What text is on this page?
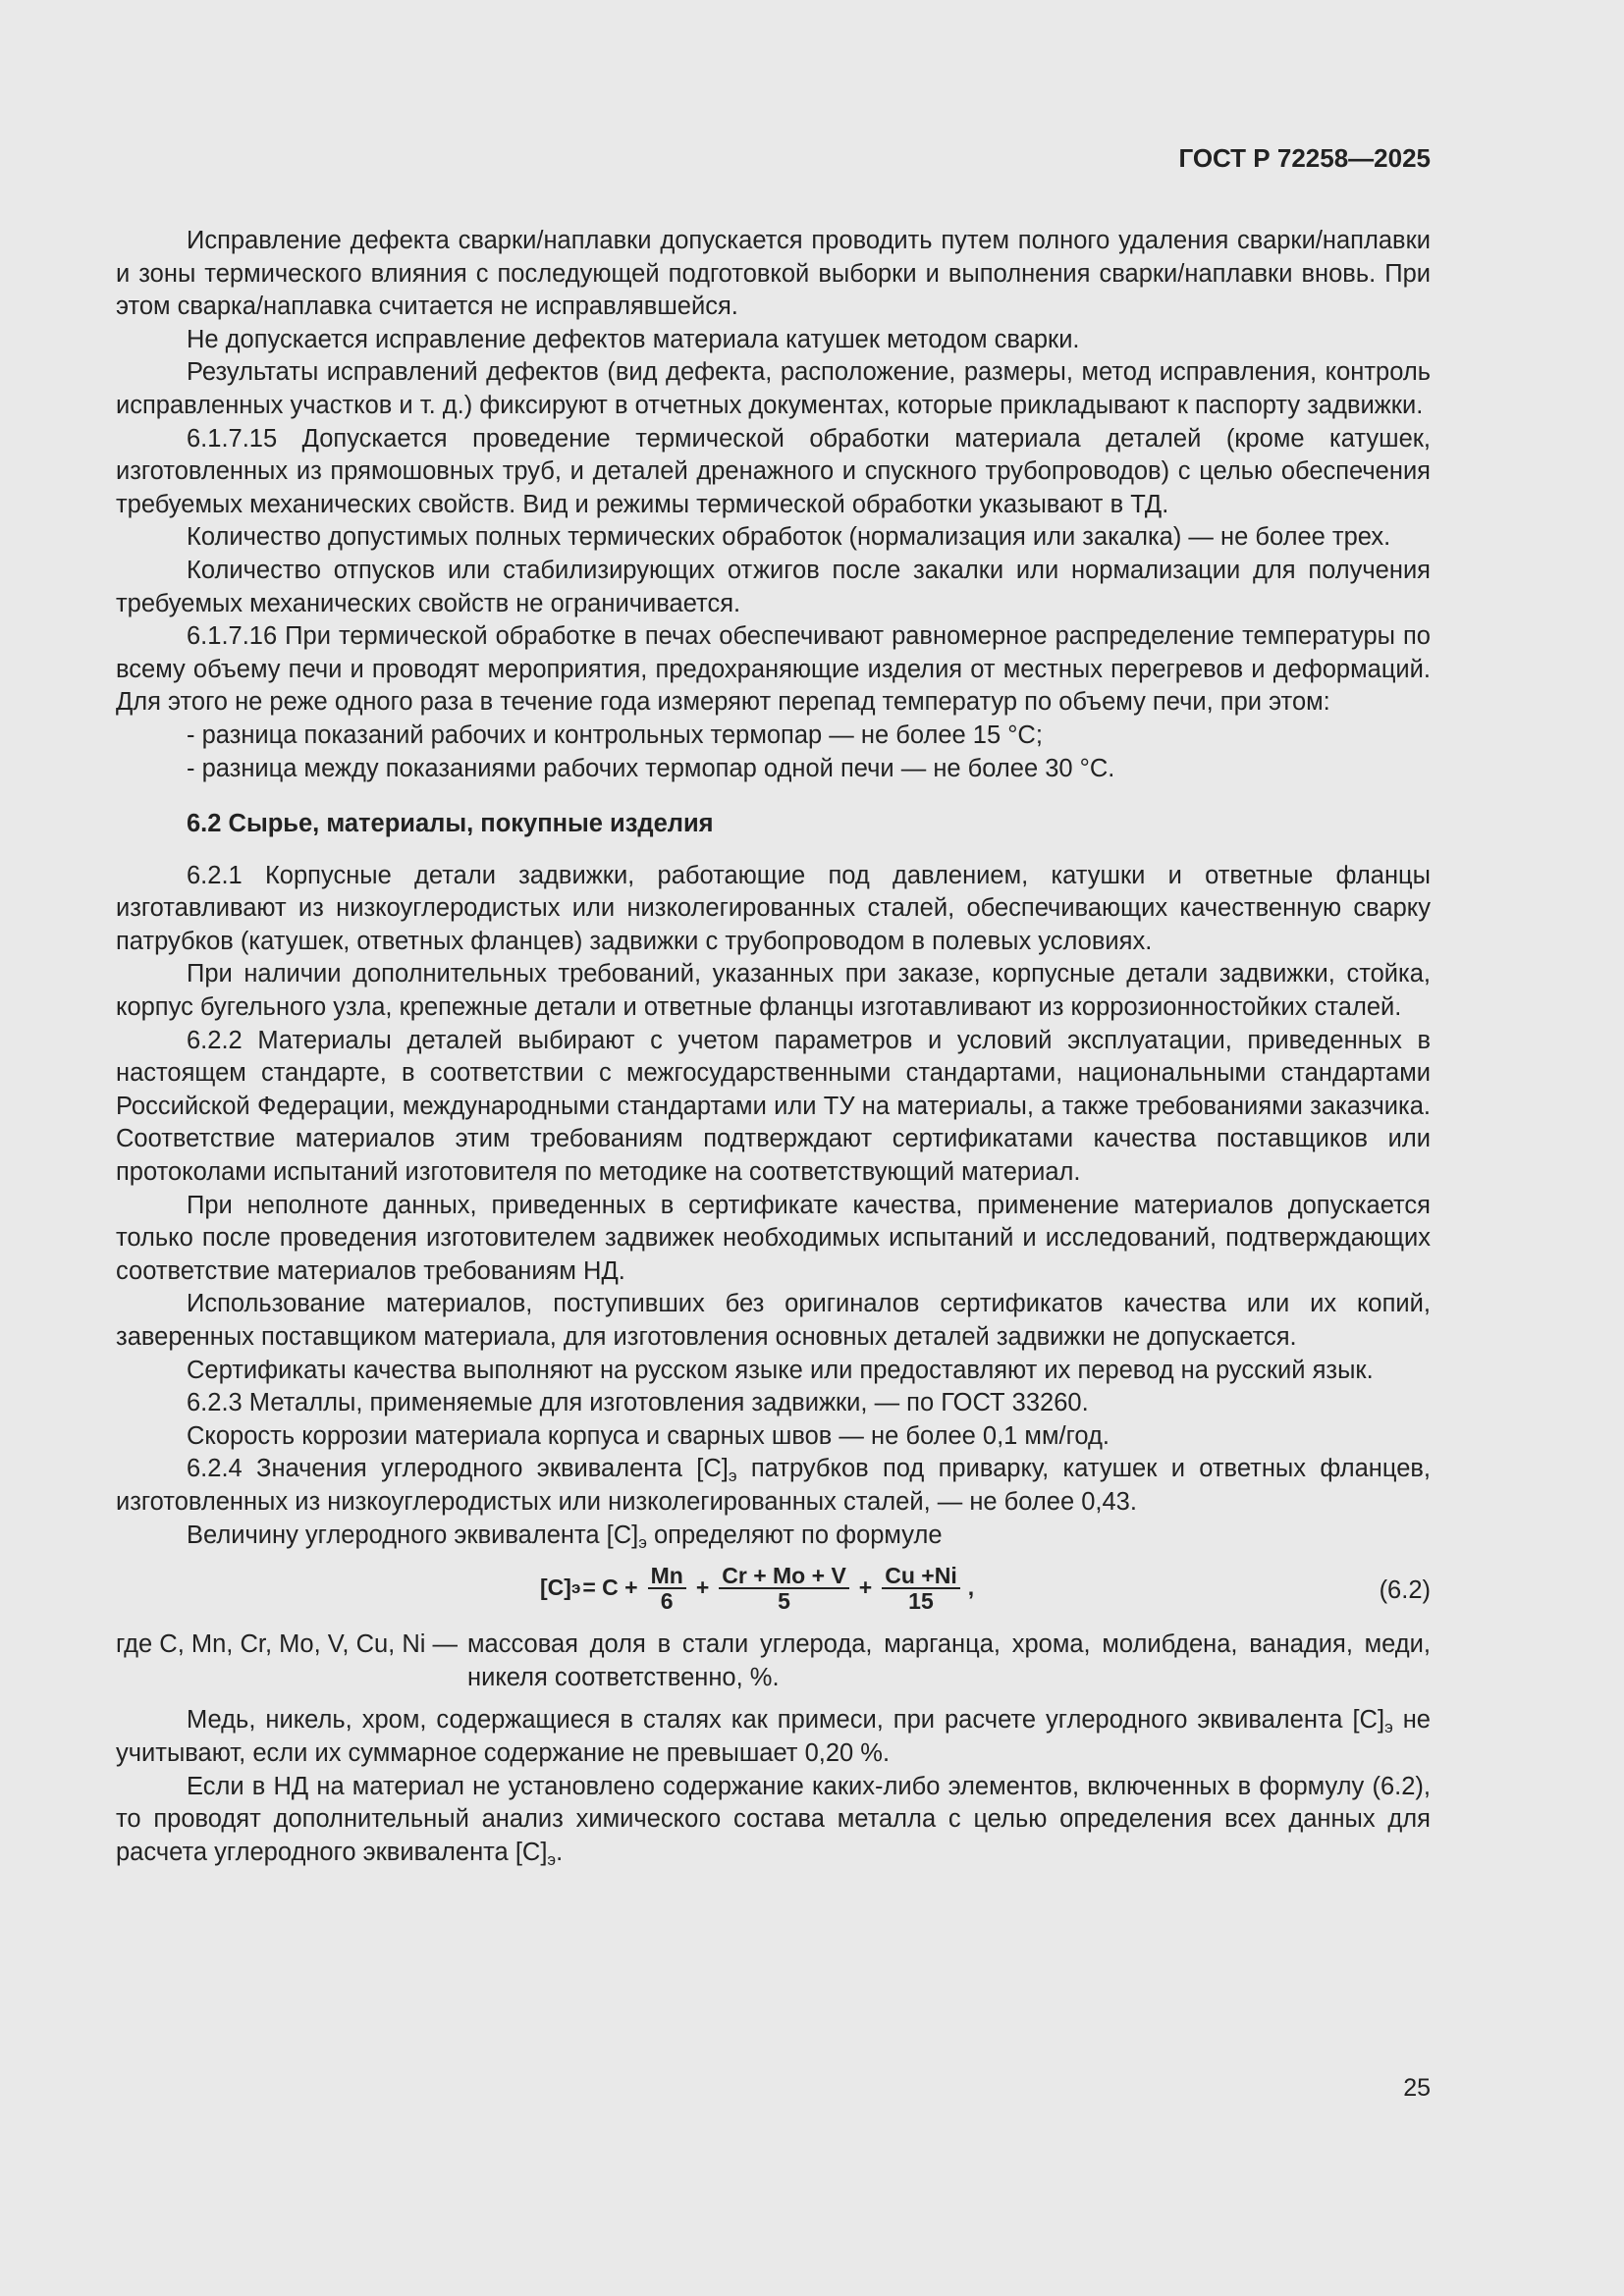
ГОСТ Р 72258—2025

Исправление дефекта сварки/наплавки допускается проводить путем полного удаления сварки/наплавки и зоны термического влияния с последующей подготовкой выборки и выполнения сварки/наплавки вновь. При этом сварка/наплавка считается не исправлявшейся.

Не допускается исправление дефектов материала катушек методом сварки.

Результаты исправлений дефектов (вид дефекта, расположение, размеры, метод исправления, контроль исправленных участков и т. д.) фиксируют в отчетных документах, которые прикладывают к паспорту задвижки.

6.1.7.15 Допускается проведение термической обработки материала деталей (кроме катушек, изготовленных из прямошовных труб, и деталей дренажного и спускного трубопроводов) с целью обеспечения требуемых механических свойств. Вид и режимы термической обработки указывают в ТД.

Количество допустимых полных термических обработок (нормализация или закалка) — не более трех.

Количество отпусков или стабилизирующих отжигов после закалки или нормализации для получения требуемых механических свойств не ограничивается.

6.1.7.16 При термической обработке в печах обеспечивают равномерное распределение температуры по всему объему печи и проводят мероприятия, предохраняющие изделия от местных перегревов и деформаций. Для этого не реже одного раза в течение года измеряют перепад температур по объему печи, при этом:

- разница показаний рабочих и контрольных термопар — не более 15 °C;

- разница между показаниями рабочих термопар одной печи — не более 30 °C.

6.2 Сырье, материалы, покупные изделия

6.2.1 Корпусные детали задвижки, работающие под давлением, катушки и ответные фланцы изготавливают из низкоуглеродистых или низколегированных сталей, обеспечивающих качественную сварку патрубков (катушек, ответных фланцев) задвижки с трубопроводом в полевых условиях.

При наличии дополнительных требований, указанных при заказе, корпусные детали задвижки, стойка, корпус бугельного узла, крепежные детали и ответные фланцы изготавливают из коррозионностойких сталей.

6.2.2 Материалы деталей выбирают с учетом параметров и условий эксплуатации, приведенных в настоящем стандарте, в соответствии с межгосударственными стандартами, национальными стандартами Российской Федерации, международными стандартами или ТУ на материалы, а также требованиями заказчика. Соответствие материалов этим требованиям подтверждают сертификатами качества поставщиков или протоколами испытаний изготовителя по методике на соответствующий материал.

При неполноте данных, приведенных в сертификате качества, применение материалов допускается только после проведения изготовителем задвижек необходимых испытаний и исследований, подтверждающих соответствие материалов требованиям НД.

Использование материалов, поступивших без оригиналов сертификатов качества или их копий, заверенных поставщиком материала, для изготовления основных деталей задвижки не допускается.

Сертификаты качества выполняют на русском языке или предоставляют их перевод на русский язык.

6.2.3 Металлы, применяемые для изготовления задвижки, — по ГОСТ 33260.

Скорость коррозии материала корпуса и сварных швов — не более 0,1 мм/год.

6.2.4 Значения углеродного эквивалента $[C]_э$ патрубков под приварку, катушек и ответных фланцев, изготовленных из низкоуглеродистых или низколегированных сталей, — не более 0,43.

Величину углеродного эквивалента $[C]_э$ определяют по формуле

[C] $э = C + \frac{Mn}{6} + \frac{Cr + Mo + V}{5} + \frac{Cu +Ni}{15}$ ,	(6.2)
где C, Mn, Cr, Mo, V, Cu, Ni — массовая доля в стали углерода, марганца, хрома, молибдена, ванадия, меди, никеля соответственно, %.

Медь, никель, хром, содержащиеся в сталях как примеси, при расчете углеродного эквивалента $[C]_э$ не учитывают, если их суммарное содержание не превышает 0,20 %.

Если в НД на материал не установлено содержание каких-либо элементов, включенных в формулу (6.2), то проводят дополнительный анализ химического состава металла с целью определения всех данных для расчета углеродного эквивалента $[C]_э$.

25
